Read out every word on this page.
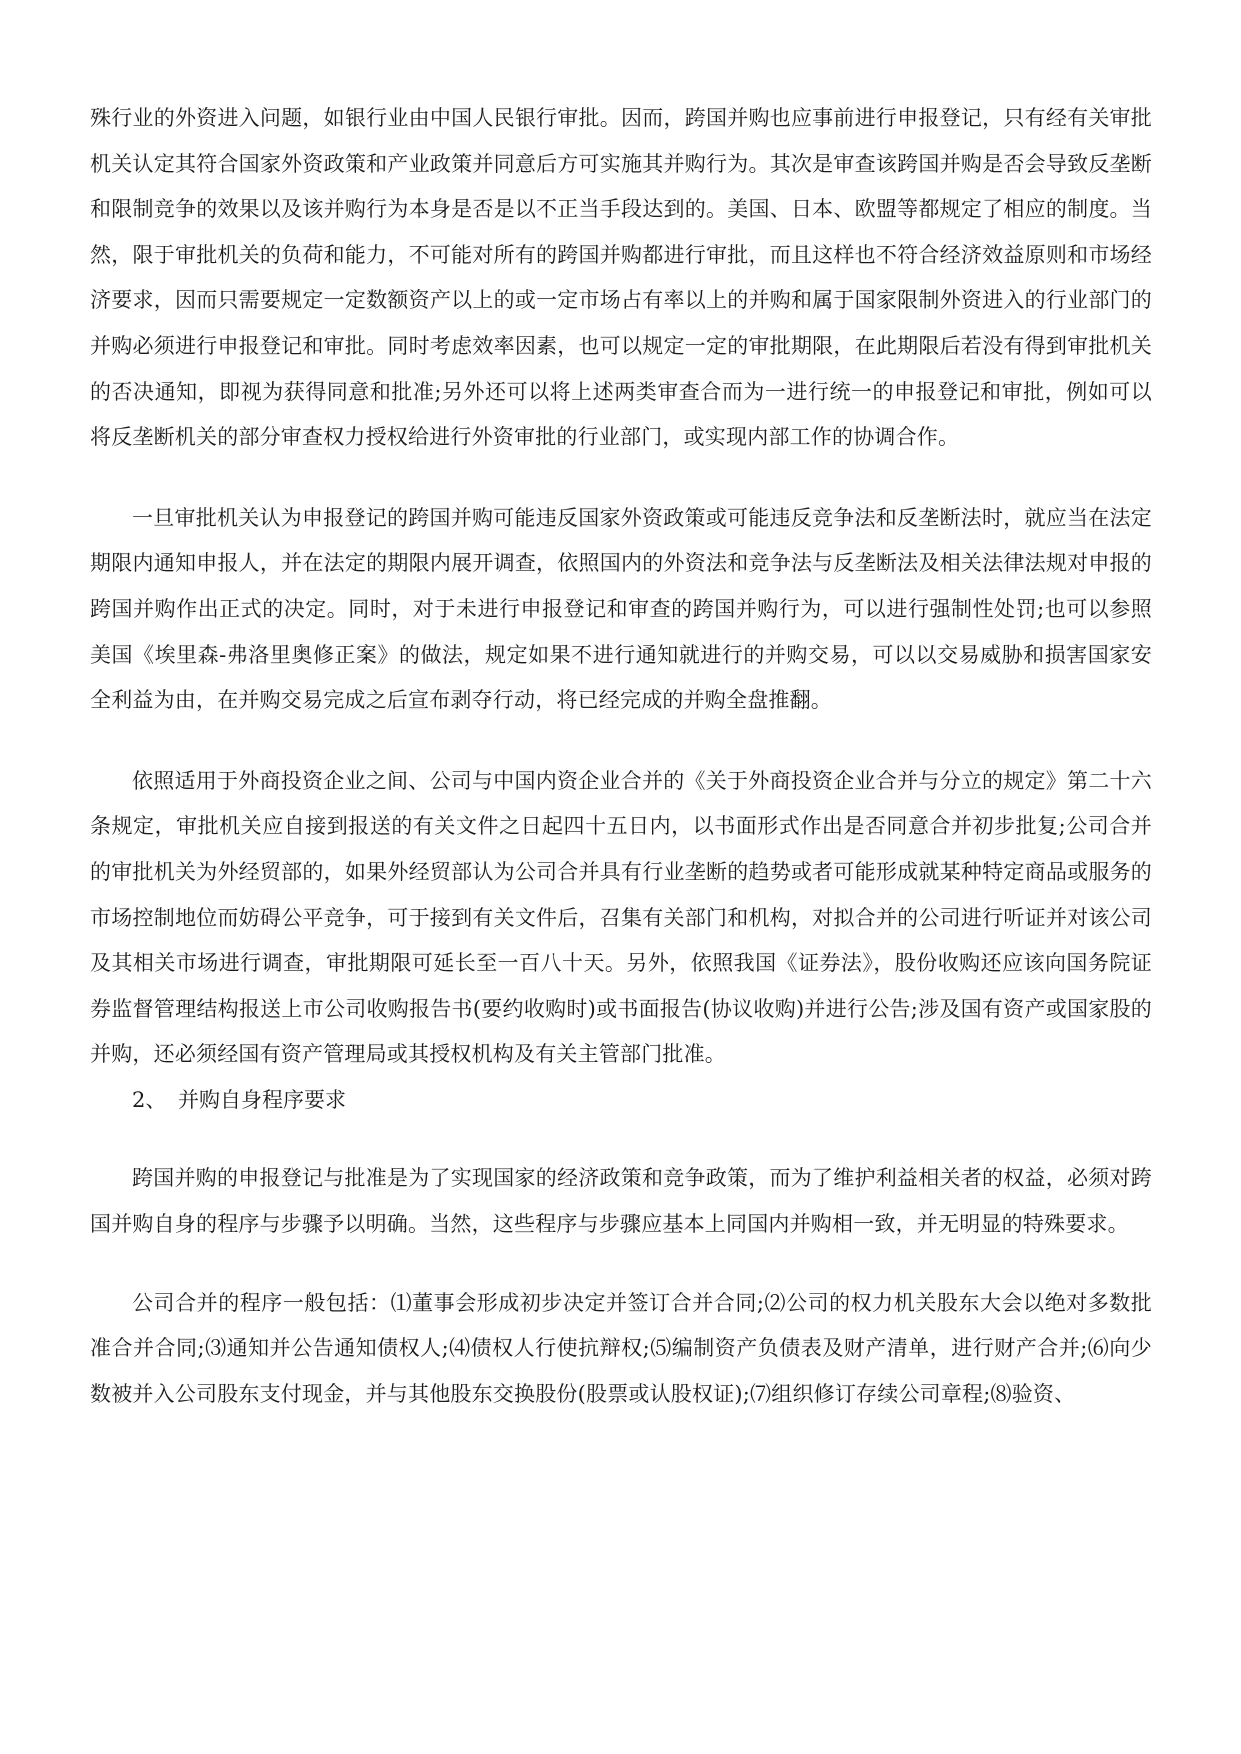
殊行业的外资进入问题，如银行业由中国人民银行审批。因而，跨国并购也应事前进行申报登记，只有经有关审批机关认定其符合国家外资政策和产业政策并同意后方可实施其并购行为。其次是审查该跨国并购是否会导致反垄断和限制竞争的效果以及该并购行为本身是否是以不正当手段达到的。美国、日本、欧盟等都规定了相应的制度。当然，限于审批机关的负荷和能力，不可能对所有的跨国并购都进行审批，而且这样也不符合经济效益原则和市场经济要求，因而只需要规定一定数额资产以上的或一定市场占有率以上的并购和属于国家限制外资进入的行业部门的并购必须进行申报登记和审批。同时考虑效率因素，也可以规定一定的审批期限，在此期限后若没有得到审批机关的否决通知，即视为获得同意和批准;另外还可以将上述两类审查合而为一进行统一的申报登记和审批，例如可以将反垄断机关的部分审查权力授权给进行外资审批的行业部门，或实现内部工作的协调合作。

一旦审批机关认为申报登记的跨国并购可能违反国家外资政策或可能违反竞争法和反垄断法时，就应当在法定期限内通知申报人，并在法定的期限内展开调查，依照国内的外资法和竞争法与反垄断法及相关法律法规对申报的跨国并购作出正式的决定。同时，对于未进行申报登记和审查的跨国并购行为，可以进行强制性处罚;也可以参照美国《埃里森-弗洛里奥修正案》的做法，规定如果不进行通知就进行的并购交易，可以以交易威胁和损害国家安全利益为由，在并购交易完成之后宣布剥夺行动，将已经完成的并购全盘推翻。

依照适用于外商投资企业之间、公司与中国内资企业合并的《关于外商投资企业合并与分立的规定》第二十六条规定，审批机关应自接到报送的有关文件之日起四十五日内，以书面形式作出是否同意合并初步批复;公司合并的审批机关为外经贸部的，如果外经贸部认为公司合并具有行业垄断的趋势或者可能形成就某种特定商品或服务的市场控制地位而妨碍公平竞争，可于接到有关文件后，召集有关部门和机构，对拟合并的公司进行听证并对该公司及其相关市场进行调查，审批期限可延长至一百八十天。另外，依照我国《证券法》，股份收购还应该向国务院证券监督管理结构报送上市公司收购报告书(要约收购时)或书面报告(协议收购)并进行公告;涉及国有资产或国家股的并购，还必须经国有资产管理局或其授权机构及有关主管部门批准。

2、 并购自身程序要求

跨国并购的申报登记与批准是为了实现国家的经济政策和竞争政策，而为了维护利益相关者的权益，必须对跨国并购自身的程序与步骤予以明确。当然，这些程序与步骤应基本上同国内并购相一致，并无明显的特殊要求。

公司合并的程序一般包括：⑴董事会形成初步决定并签订合并合同;⑵公司的权力机关股东大会以绝对多数批准合并合同;⑶通知并公告通知债权人;⑷债权人行使抗辩权;⑸编制资产负债表及财产清单，进行财产合并;⑹向少数被并入公司股东支付现金，并与其他股东交换股份(股票或认股权证);⑺组织修订存续公司章程;⑻验资、
